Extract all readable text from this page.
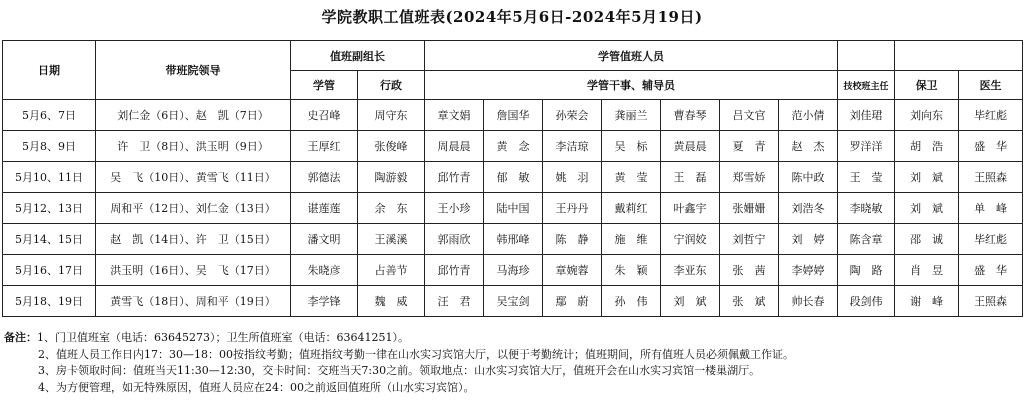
学院教职工值班表(2024年5月6日-2024年5月19日)
日期	带班院领导	值班副组长		学管值班人员									
		学管	行政	学管干事、辅导员							技校班主任	保卫	医生
5月6、7日	刘仁金（6日）、赵　凯（7日）	史召峰	周守东	章文娟	詹国华	孙荣会	龚丽兰	曹春琴	吕文官	范小倩	刘佳珺	刘向东	毕红彪
5月8、9日	许　卫（8日）、洪玉明（9日）	王厚红	张俊峰	周晨晨	黄　念	李洁琼	吴　标	黄晨晨	夏　青	赵　杰	罗洋洋	胡　浩	盛　华
5月10、11日	吴　飞（10日）、黄雪飞（11日）	郭德法	陶游毅	邱竹青	郁　敏	姚　羽	黄　莹	王　磊	郑雪娇	陈中政	王　莹	刘　斌	王照森
5月12、13日	周和平（12日）、刘仁金（13日）	谌莲莲	余　东	王小珍	陆中国	王丹丹	戴莉红	叶鑫宇	张姗姗	刘浩冬	李晓敏	刘　斌	单　峰
5月14、15日	赵　凯（14日）、许　卫（15日）	潘文明	王溪溪	郭雨欣	韩邢峰	陈　静	施　维	宁润姣	刘哲宁	刘　婷	陈含章	邵　诚	毕红彪
5月16、17日	洪玉明（16日）、吴　飞（17日）	朱晓彦	占善节	邱竹青	马海珍	章婉蓉	朱　颖	李亚东	张　茜	李婷婷	陶　路	肖　昱	盛　华
5月18、19日	黄雪飞（18日）、周和平（19日）	李学锋	魏　威	汪　君	吴宝剑	鄢　蔚	孙　伟	刘　斌	张　斌	帅长春	段剑伟	谢　峰	王照森
备注：1、门卫值班室（电话：63645273）；卫生所值班室（电话：63641251）。
2、值班人员工作日内17：30—18：00按指纹考勤；值班指纹考勤一律在山水实习宾馆大厅，以便于考勤统计；值班期间，所有值班人员必须佩戴工作证。
3、房卡领取时间：值班当天11:30—12:30，交卡时间：交班当天7:30之前。领取地点：山水实习宾馆大厅，值班开会在山水实习宾馆一楼巢湖厅。
4、为方便管理，如无特殊原因，值班人员应在24：00之前返回值班所（山水实习宾馆）。
